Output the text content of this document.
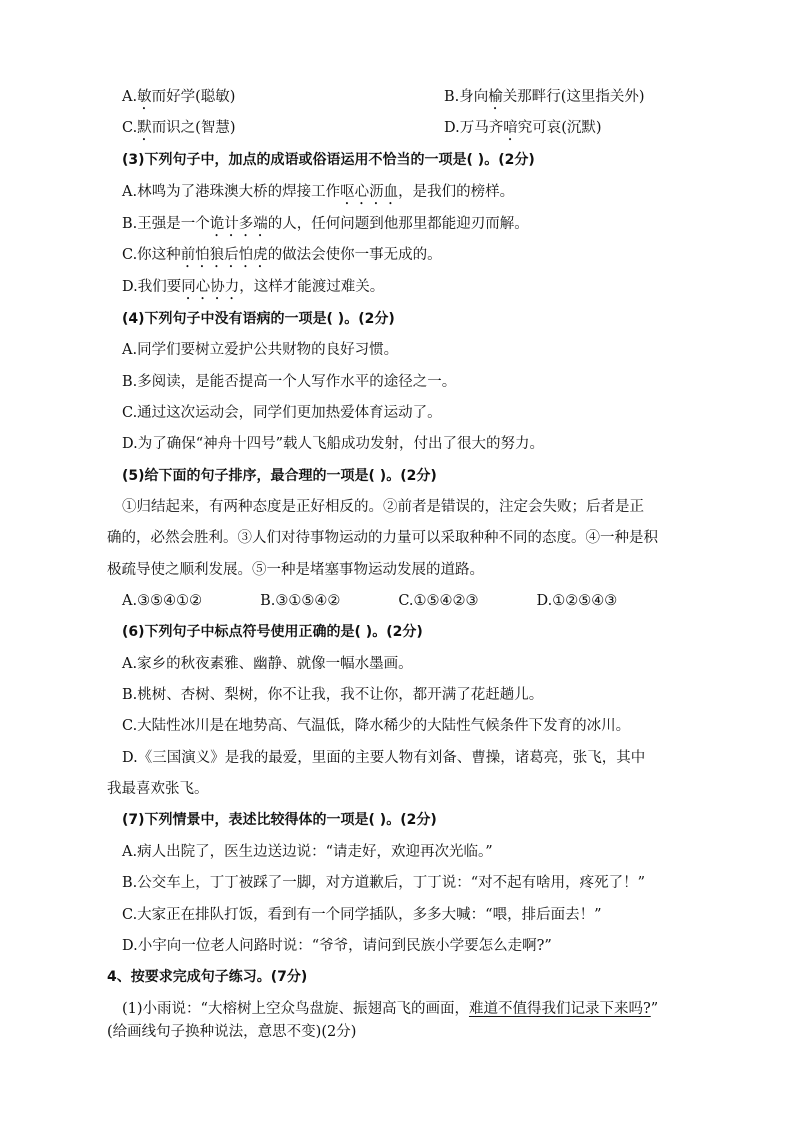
A.敏而好学(聪敏)	B.身向榆关那畔行(这里指关外)
C.默而识之(智慧)	D.万马齐喑究可哀(沉默)
(3)下列句子中，加点的成语或俗语运用不恰当的一项是( )。(2分)
A.林鸣为了港珠澳大桥的焊接工作呕心沥血，是我们的榜样。
B.王强是一个诡计多端的人，任何问题到他那里都能迎刃而解。
C.你这种前怕狼后怕虎的做法会使你一事无成的。
D.我们要同心协力，这样才能渡过难关。
(4)下列句子中没有语病的一项是( )。(2分)
A.同学们要树立爱护公共财物的良好习惯。
B.多阅读，是能否提高一个人写作水平的途径之一。
C.通过这次运动会，同学们更加热爱体育运动了。
D.为了确保“神舟十四号”载人飞船成功发射，付出了很大的努力。
(5)给下面的句子排序，最合理的一项是( )。(2分)
①归结起来，有两种态度是正好相反的。②前者是错误的，注定会失败；后者是正
确的，必然会胜利。③人们对待事物运动的力量可以采取种种不同的态度。④一种是积
极疏导使之顺利发展。⑤一种是堵塞事物运动发展的道路。
A.③⑤④①②	B.③①⑤④②	C.①⑤④②③	D.①②⑤④③
(6)下列句子中标点符号使用正确的是( )。(2分)
A.家乡的秋夜素雅、幽静、就像一幅水墨画。
B.桃树、杏树、梨树，你不让我，我不让你，都开满了花赶趟儿。
C.大陆性冰川是在地势高、气温低，降水稀少的大陆性气候条件下发育的冰川。
D.《三国演义》是我的最爱，里面的主要人物有刘备、曹操，诸葛亮，张飞，其中
我最喜欢张飞。
(7)下列情景中，表述比较得体的一项是( )。(2分)
A.病人出院了，医生边送边说：“请走好，欢迎再次光临。”
B.公交车上，丁丁被踩了一脚，对方道歉后，丁丁说：“对不起有啥用，疼死了！”
C.大家正在排队打饭，看到有一个同学插队，多多大喊：“喂，排后面去！”
D.小宇向一位老人问路时说：“爷爷，请问到民族小学要怎么走啊?”
4、按要求完成句子练习。(7分)
(1)小雨说：“大榕树上空众鸟盘旋、振翅高飞的画面，难道不值得我们记录下来吗?”
(给画线句子换种说法，意思不变)(2分)
